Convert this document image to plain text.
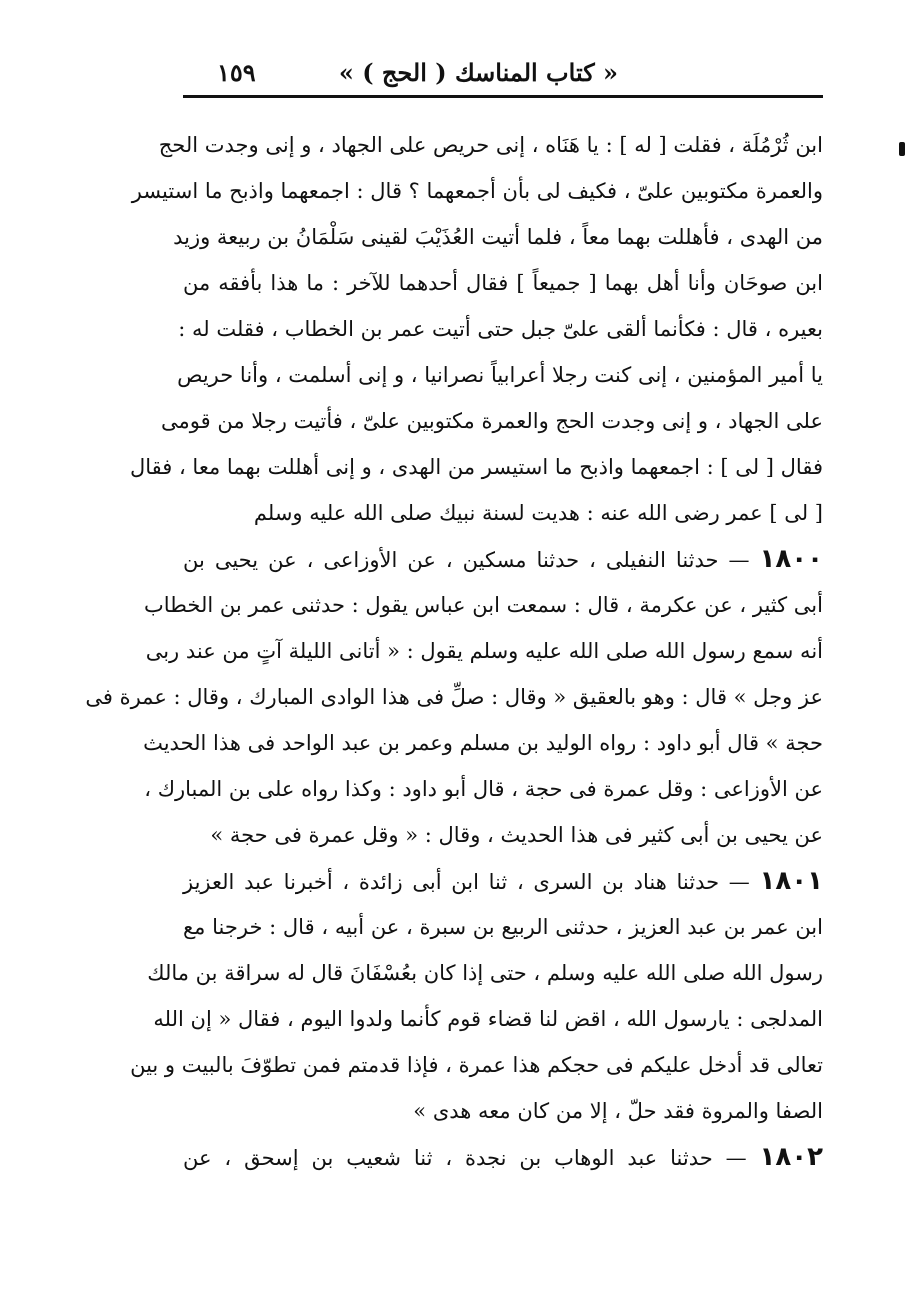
« كتاب المناسك ( الحج ) »
١٥٩
ابن ثُرْمُلَة ، فقلت [ له ] : يا هَنَاه ، إنى حريص على الجهاد ، و إنى وجدت الحج
والعمرة مكتوبين علىّ ، فكيف لى بأن أجمعهما ؟ قال : اجمعهما واذبح ما استيسر
من الهدى ، فأهللت بهما معاً ، فلما أتيت العُذَيْبَ لقينى سَلْمَانُ بن ربيعة وزيد
ابن صوحَان وأنا أهل بهما [ جميعاً ] فقال أحدهما للآخر : ما هذا بأفقه من
بعيره ، قال : فكأنما ألقى علىّ جبل حتى أتيت عمر بن الخطاب ، فقلت له :
يا أمير المؤمنين ، إنى كنت رجلا أعرابياً نصرانيا ، و إنى أسلمت ، وأنا حريص
على الجهاد ، و إنى وجدت الحج والعمرة مكتوبين علىّ ، فأتيت رجلا من قومى
فقال [ لى ] : اجمعهما واذبح ما استيسر من الهدى ، و إنى أهللت بهما معا ، فقال
[ لى ] عمر رضى الله عنه : هديت لسنة نبيك صلى الله عليه وسلم
١٨٠٠ — حدثنا النفيلى ، حدثنا مسكين ، عن الأوزاعى ، عن يحيى بن
أبى كثير ، عن عكرمة ، قال : سمعت ابن عباس يقول : حدثنى عمر بن الخطاب
أنه سمع رسول الله صلى الله عليه وسلم يقول : « أتانى الليلة آتٍ من عند ربى
عز وجل » قال : وهو بالعقيق « وقال : صلِّ فى هذا الوادى المبارك ، وقال : عمرة فى
حجة » قال أبو داود : رواه الوليد بن مسلم وعمر بن عبد الواحد فى هذا الحديث
عن الأوزاعى : وقل عمرة فى حجة ، قال أبو داود : وكذا رواه على بن المبارك ،
عن يحيى بن أبى كثير فى هذا الحديث ، وقال : « وقل عمرة فى حجة »
١٨٠١ — حدثنا هناد بن السرى ، ثنا ابن أبى زائدة ، أخبرنا عبد العزيز
ابن عمر بن عبد العزيز ، حدثنى الربيع بن سبرة ، عن أبيه ، قال : خرجنا مع
رسول الله صلى الله عليه وسلم ، حتى إذا كان بعُسْفَانَ قال له سراقة بن مالك
المدلجى : يارسول الله ، اقض لنا قضاء قوم كأنما ولدوا اليوم ، فقال « إن الله
تعالى قد أدخل عليكم فى حجكم هذا عمرة ، فإذا قدمتم فمن تطوّفَ بالبيت و بين
الصفا والمروة فقد حلّ ، إلا من كان معه هدى »
١٨٠٢ — حدثنا عبد الوهاب بن نجدة ، ثنا شعيب بن إسحق ، عن
